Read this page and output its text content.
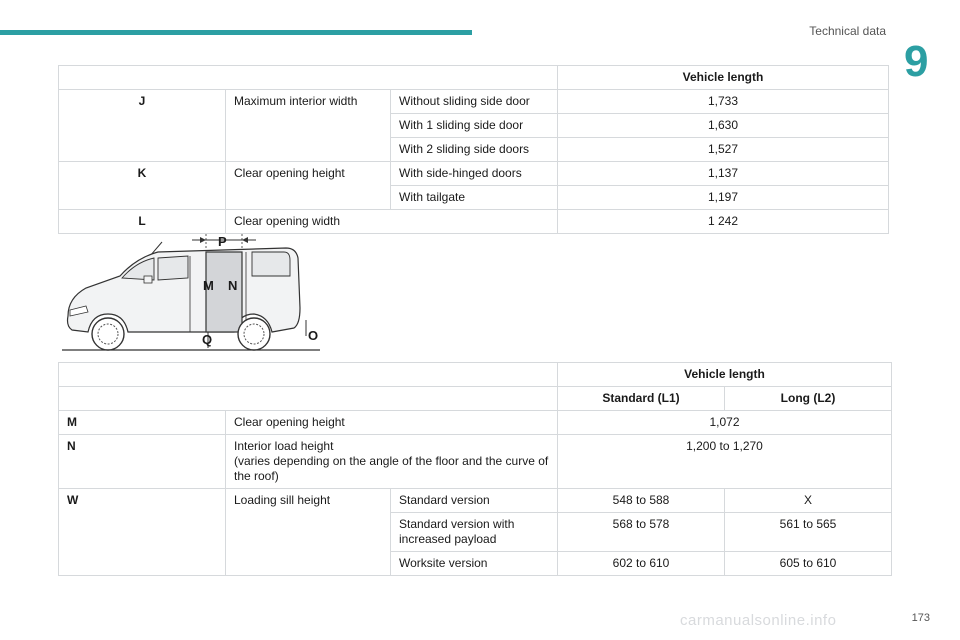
Technical data
9
			Vehicle length
J	Maximum interior width	Without sliding side door	1,733
		With 1 sliding side door	1,630
		With 2 sliding side doors	1,527
K	Clear opening height	With side-hinged doors	1,137
		With tailgate	1,197
L	Clear opening width		1 242
P
M N
O
Q
			Vehicle length	
			Standard (L1)	Long (L2)
M	Clear opening height		1,072	
N	Interior load height
(varies depending on the angle of the floor and the curve of the roof)		1,200 to 1,270	
W	Loading sill height	Standard version	548 to 588	X
		Standard version with increased payload	568 to 578	561 to 565
		Worksite version	602 to 610	605 to 610
carmanualsonline.info	173
